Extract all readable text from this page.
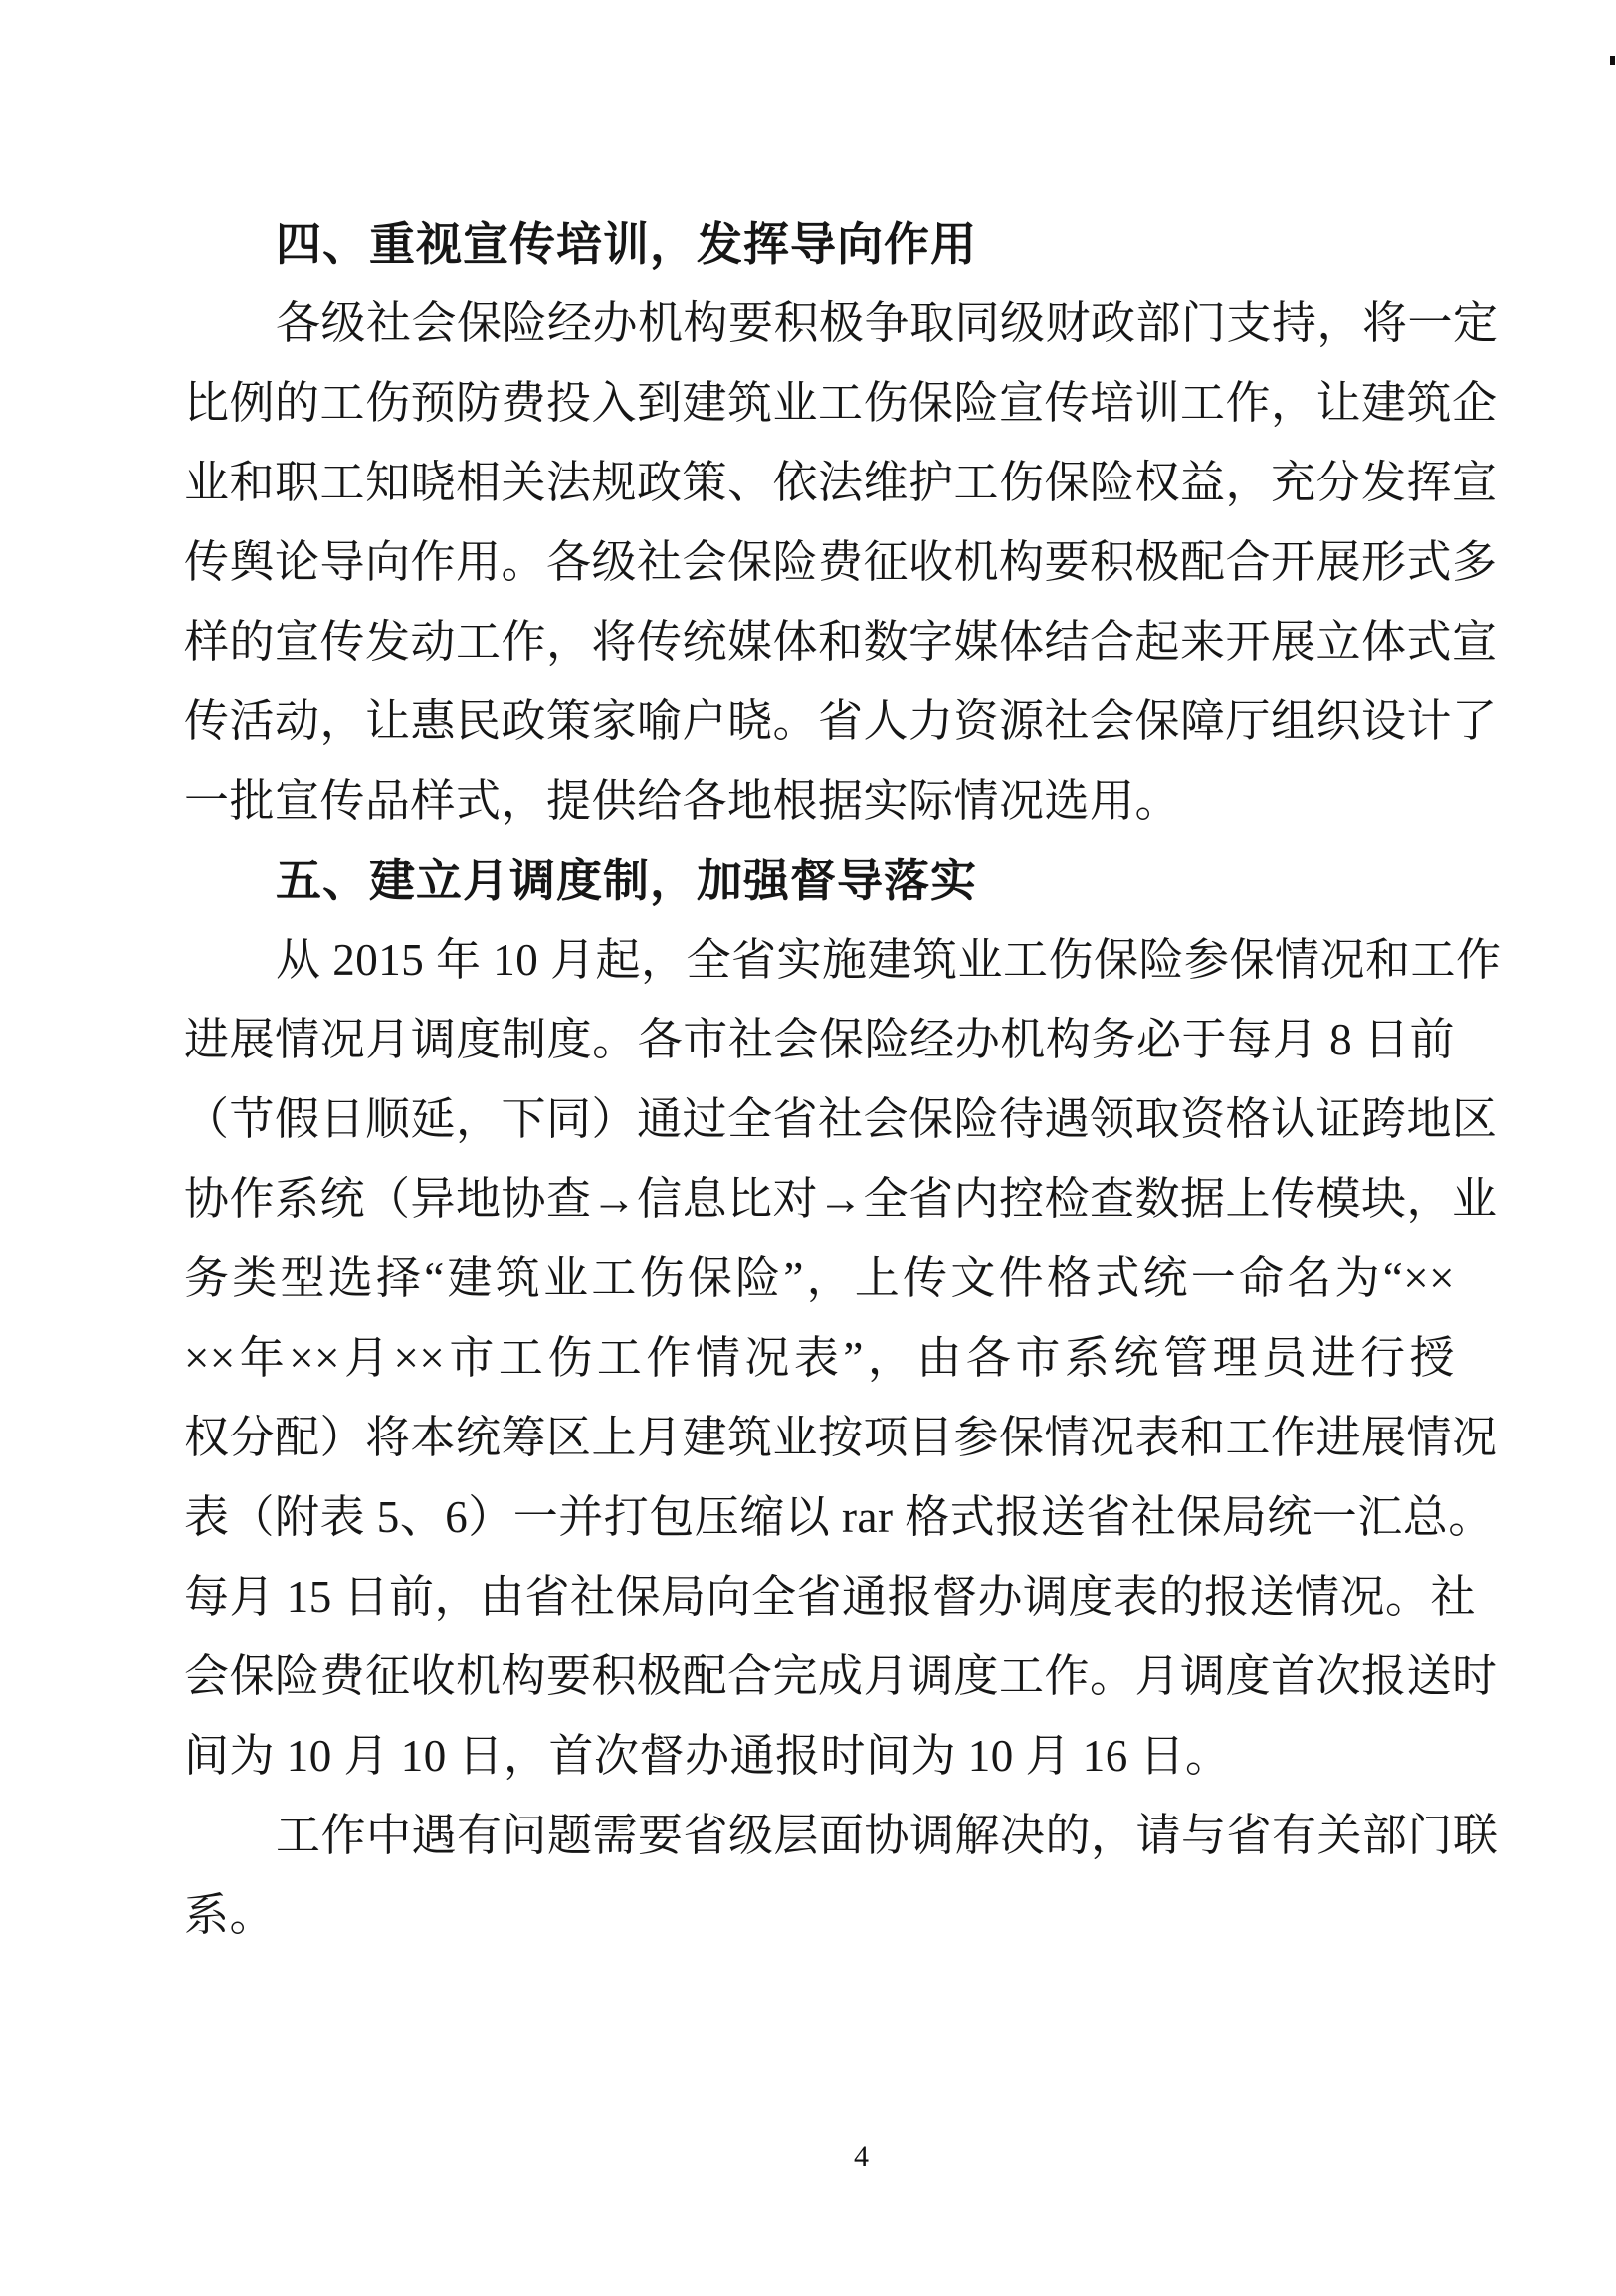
四、重视宣传培训，发挥导向作用
各级社会保险经办机构要积极争取同级财政部门支持，将一定
比例的工伤预防费投入到建筑业工伤保险宣传培训工作，让建筑企
业和职工知晓相关法规政策、依法维护工伤保险权益，充分发挥宣
传舆论导向作用。各级社会保险费征收机构要积极配合开展形式多
样的宣传发动工作，将传统媒体和数字媒体结合起来开展立体式宣
传活动，让惠民政策家喻户晓。省人力资源社会保障厅组织设计了
一批宣传品样式，提供给各地根据实际情况选用。
五、建立月调度制，加强督导落实
从 2015 年 10 月起，全省实施建筑业工伤保险参保情况和工作
进展情况月调度制度。各市社会保险经办机构务必于每月 8 日前
（节假日顺延，下同）通过全省社会保险待遇领取资格认证跨地区
协作系统（异地协查→信息比对→全省内控检查数据上传模块，业
务类型选择“建筑业工伤保险”，上传文件格式统一命名为“××
××年××月××市工伤工作情况表”，由各市系统管理员进行授
权分配）将本统筹区上月建筑业按项目参保情况表和工作进展情况
表（附表 5、6）一并打包压缩以 rar 格式报送省社保局统一汇总。
每月 15 日前，由省社保局向全省通报督办调度表的报送情况。社
会保险费征收机构要积极配合完成月调度工作。月调度首次报送时
间为 10 月 10 日，首次督办通报时间为 10 月 16 日。
工作中遇有问题需要省级层面协调解决的，请与省有关部门联
系。
4
